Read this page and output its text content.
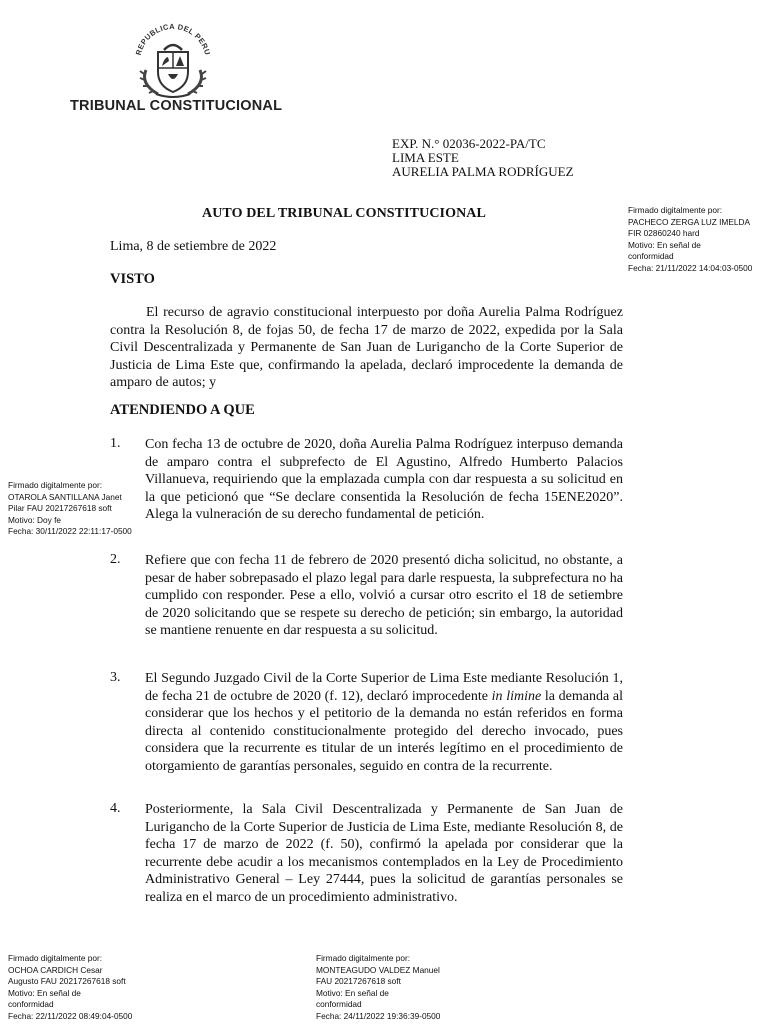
REPUBLICA DEL PERU
TRIBUNAL CONSTITUCIONAL
EXP. N.° 02036-2022-PA/TC
LIMA ESTE
AURELIA PALMA RODRÍGUEZ
Firmado digitalmente por:
PACHECO ZERGA LUZ IMELDA
FIR 02860240 hard
Motivo: En señal de
conformidad
Fecha: 21/11/2022 14:04:03-0500
Firmado digitalmente por:
OTAROLA SANTILLANA Janet
Pilar FAU 20217267618 soft
Motivo: Doy fe
Fecha: 30/11/2022 22:11:17-0500
Firmado digitalmente por:
OCHOA CARDICH Cesar
Augusto FAU 20217267618 soft
Motivo: En señal de
conformidad
Fecha: 22/11/2022 08:49:04-0500
Firmado digitalmente por:
MONTEAGUDO VALDEZ Manuel
FAU 20217267618 soft
Motivo: En señal de
conformidad
Fecha: 24/11/2022 19:36:39-0500
AUTO DEL TRIBUNAL CONSTITUCIONAL
Lima, 8 de setiembre de 2022
VISTO
El recurso de agravio constitucional interpuesto por doña Aurelia Palma Rodríguez contra la Resolución 8, de fojas 50, de fecha 17 de marzo de 2022, expedida por la Sala Civil Descentralizada y Permanente de San Juan de Lurigancho de la Corte Superior de Justicia de Lima Este que, confirmando la apelada, declaró improcedente la demanda de amparo de autos; y
ATENDIENDO A QUE
1. Con fecha 13 de octubre de 2020, doña Aurelia Palma Rodríguez interpuso demanda de amparo contra el subprefecto de El Agustino, Alfredo Humberto Palacios Villanueva, requiriendo que la emplazada cumpla con dar respuesta a su solicitud en la que peticionó que “Se declare consentida la Resolución de fecha 15ENE2020”. Alega la vulneración de su derecho fundamental de petición.
2. Refiere que con fecha 11 de febrero de 2020 presentó dicha solicitud, no obstante, a pesar de haber sobrepasado el plazo legal para darle respuesta, la subprefectura no ha cumplido con responder. Pese a ello, volvió a cursar otro escrito el 18 de setiembre de 2020 solicitando que se respete su derecho de petición; sin embargo, la autoridad se mantiene renuente en dar respuesta a su solicitud.
3. El Segundo Juzgado Civil de la Corte Superior de Lima Este mediante Resolución 1, de fecha 21 de octubre de 2020 (f. 12), declaró improcedente in limine la demanda al considerar que los hechos y el petitorio de la demanda no están referidos en forma directa al contenido constitucionalmente protegido del derecho invocado, pues considera que la recurrente es titular de un interés legítimo en el procedimiento de otorgamiento de garantías personales, seguido en contra de la recurrente.
4. Posteriormente, la Sala Civil Descentralizada y Permanente de San Juan de Lurigancho de la Corte Superior de Justicia de Lima Este, mediante Resolución 8, de fecha 17 de marzo de 2022 (f. 50), confirmó la apelada por considerar que la recurrente debe acudir a los mecanismos contemplados en la Ley de Procedimiento Administrativo General – Ley 27444, pues la solicitud de garantías personales se realiza en el marco de un procedimiento administrativo.
